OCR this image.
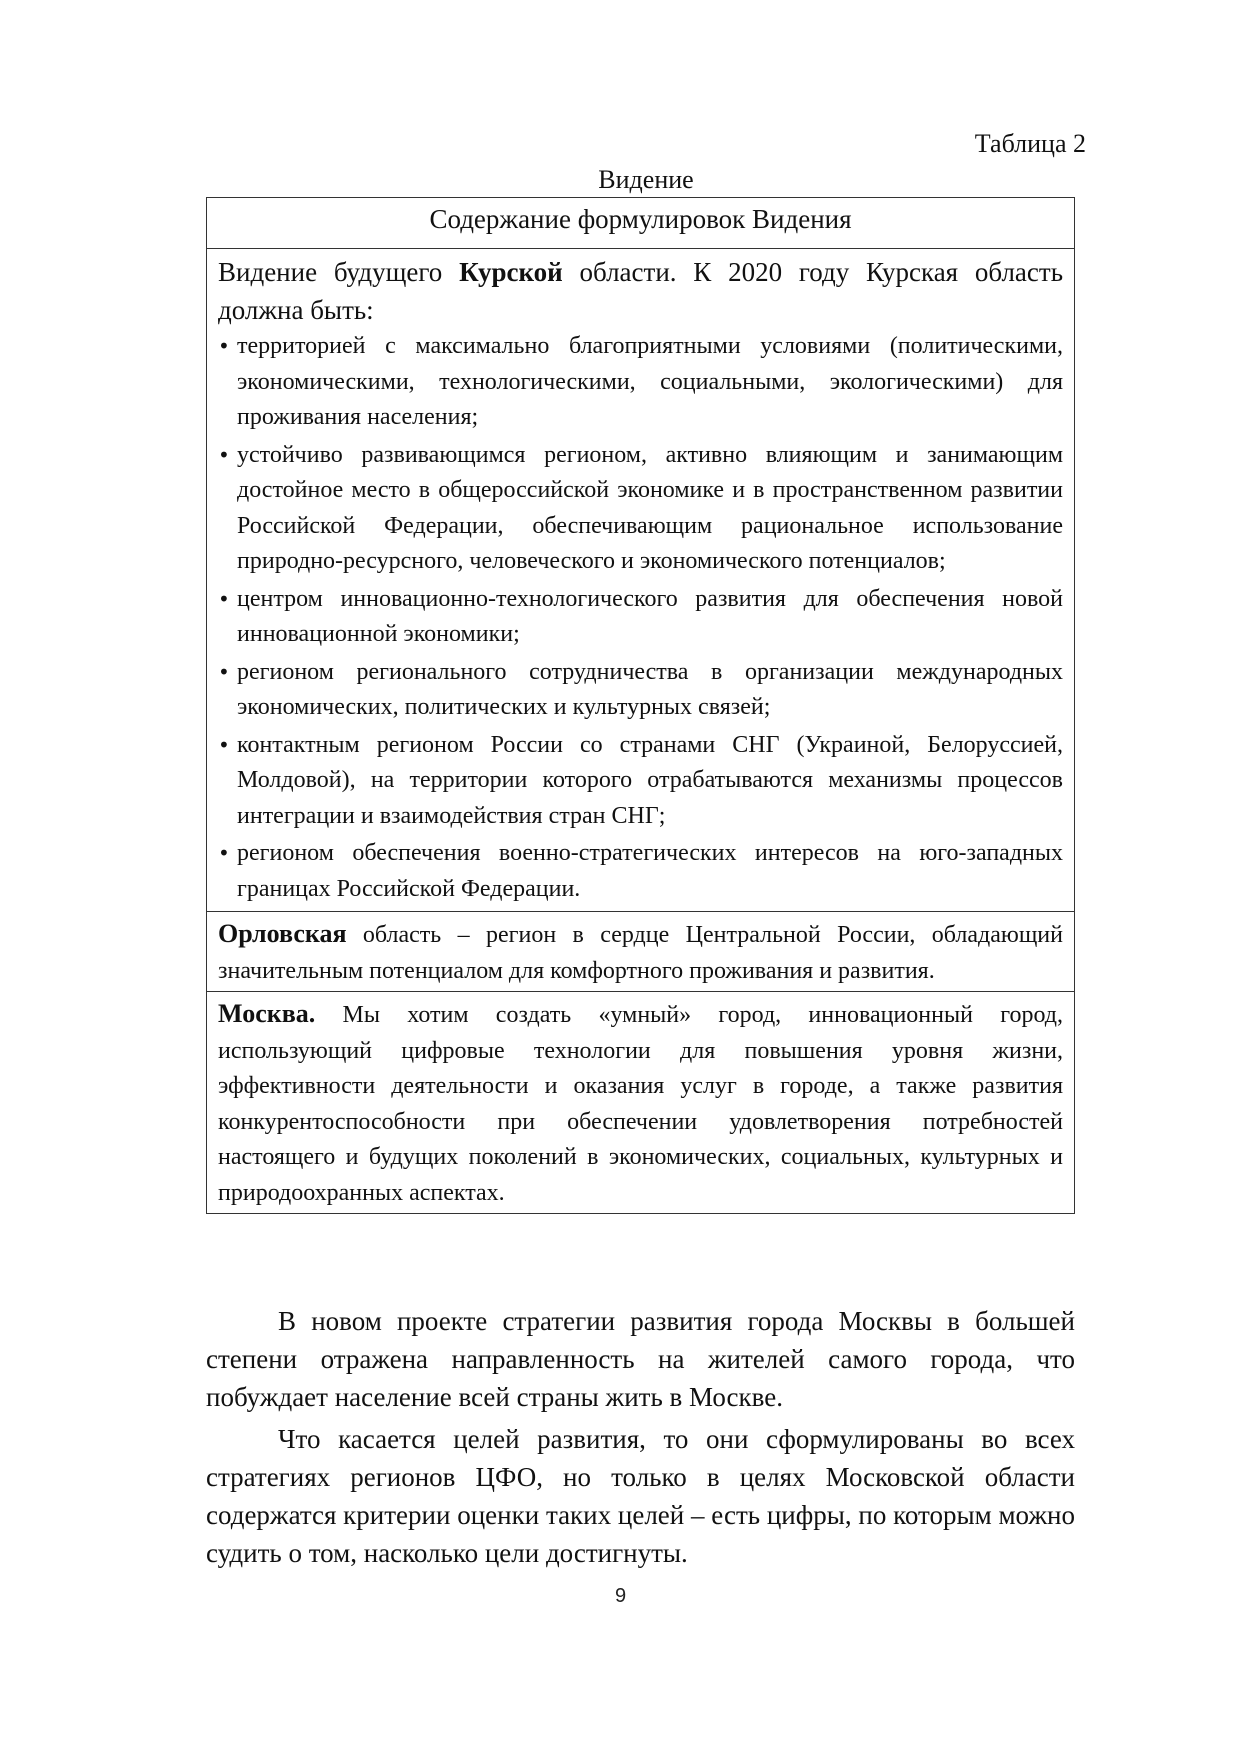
Таблица 2
Видение
Содержание формулировок Видения

Видение будущего Курской области. К 2020 году Курская область должна быть:

• территорией с максимально благоприятными условиями (политическими, экономическими, технологическими, социальными, экологическими) для проживания населения;
• устойчиво развивающимся регионом, активно влияющим и занимающим достойное место в общероссийской экономике и в пространственном развитии Российской Федерации, обеспечивающим рациональное использование природно-ресурсного, человеческого и экономического потенциалов;
• центром инновационно-технологического развития для обеспечения новой инновационной экономики;
• регионом регионального сотрудничества в организации международных экономических, политических и культурных связей;
• контактным регионом России со странами СНГ (Украиной, Белоруссией, Молдовой), на территории которого отрабатываются механизмы процессов интеграции и взаимодействия стран СНГ;
• регионом обеспечения военно-стратегических интересов на юго-западных границах Российской Федерации.

Орловская область – регион в сердце Центральной России, обладающий значительным потенциалом для комфортного проживания и развития.

Москва. Мы хотим создать «умный» город, инновационный город, использующий цифровые технологии для повышения уровня жизни, эффективности деятельности и оказания услуг в городе, а также развития конкурентоспособности при обеспечении удовлетворения потребностей настоящего и будущих поколений в экономических, социальных, культурных и природоохранных аспектах.

В новом проекте стратегии развития города Москвы в большей степени отражена направленность на жителей самого города, что побуждает население всей страны жить в Москве.

Что касается целей развития, то они сформулированы во всех стратегиях регионов ЦФО, но только в целях Московской области содержатся критерии оценки таких целей – есть цифры, по которым можно судить о том, насколько цели достигнуты.

9
